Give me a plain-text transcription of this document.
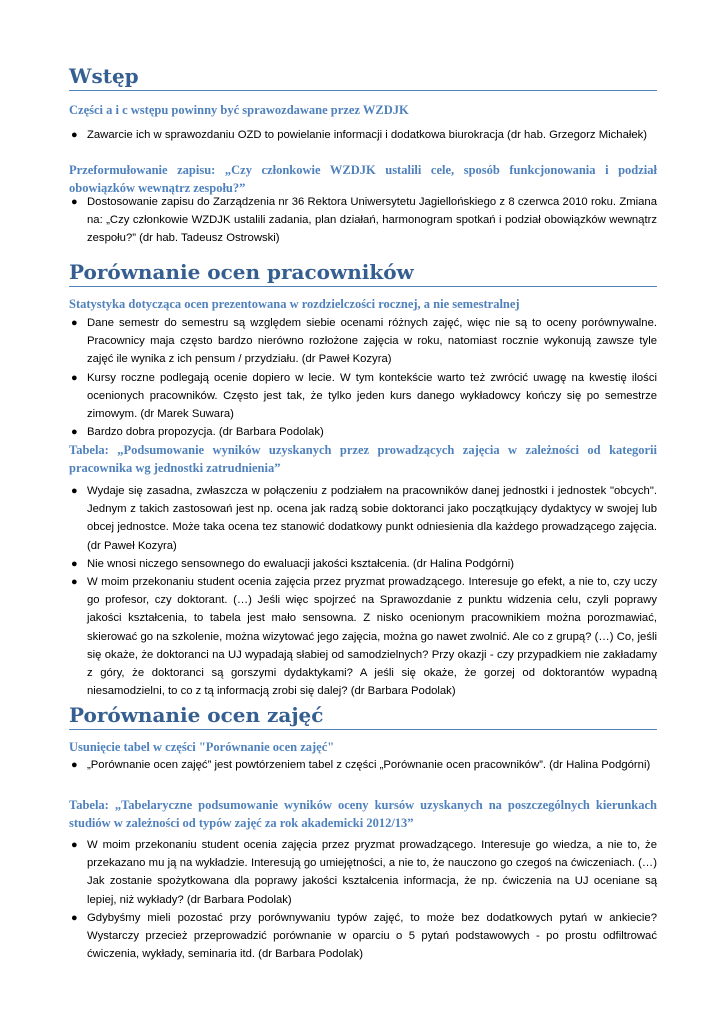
Wstęp
Części a i c wstępu powinny być sprawozdawane przez WZDJK
● Zawarcie ich w sprawozdaniu OZD to powielanie informacji i dodatkowa biurokracja (dr hab. Grzegorz Michałek)
Przeformułowanie zapisu: „Czy członkowie WZDJK ustalili cele, sposób funkcjonowania i podział obowiązków wewnątrz zespołu?”
● Dostosowanie zapisu do Zarządzenia nr 36 Rektora Uniwersytetu Jagiellońskiego z 8 czerwca 2010 roku. Zmiana na: „Czy członkowie WZDJK ustalili zadania, plan działań, harmonogram spotkań i podział obowiązków wewnątrz zespołu?” (dr hab. Tadeusz Ostrowski)
Porównanie ocen pracowników
Statystyka dotycząca ocen prezentowana w rozdzielczości rocznej, a nie semestralnej
● Dane semestr do semestru są względem siebie ocenami różnych zajęć, więc nie są to oceny porównywalne. Pracownicy maja często bardzo nierówno rozłożone zajęcia w roku, natomiast rocznie wykonują zawsze tyle zajęć ile wynika z ich pensum / przydziału. (dr Paweł Kozyra)
● Kursy roczne podlegają ocenie dopiero w lecie. W tym kontekście warto też zwrócić uwagę na kwestię ilości ocenionych pracowników. Często jest tak, że tylko jeden kurs danego wykładowcy kończy się po semestrze zimowym. (dr Marek Suwara)
● Bardzo dobra propozycja. (dr Barbara Podolak)
Tabela: „Podsumowanie wyników uzyskanych przez prowadzących zajęcia w zależności od kategorii pracownika wg jednostki zatrudnienia”
● Wydaje się zasadna, zwłaszcza w połączeniu z podziałem na pracowników danej jednostki i jednostek "obcych". Jednym z takich zastosowań jest np. ocena jak radzą sobie doktoranci jako początkujący dydaktycy w swojej lub obcej jednostce. Może taka ocena tez stanowić dodatkowy punkt odniesienia dla każdego prowadzącego zajęcia. (dr Paweł Kozyra)
● Nie wnosi niczego sensownego do ewaluacji jakości kształcenia. (dr Halina Podgórni)
● W moim przekonaniu student ocenia zajęcia przez pryzmat prowadzącego. Interesuje go efekt, a nie to, czy uczy go profesor, czy doktorant. (…) Jeśli więc spojrzeć na Sprawozdanie z punktu widzenia celu, czyli poprawy jakości kształcenia, to tabela jest mało sensowna. Z nisko ocenionym pracownikiem można porozmawiać, skierować go na szkolenie, można wizytować jego zajęcia, można go nawet zwolnić. Ale co z grupą? (…) Co, jeśli się okaże, że doktoranci na UJ wypadają słabiej od samodzielnych? Przy okazji - czy przypadkiem nie zakładamy z góry, że doktoranci są gorszymi dydaktykami? A jeśli się okaże, że gorzej od doktorantów wypadną niesamodzielni, to co z tą informacją zrobi się dalej? (dr Barbara Podolak)
Porównanie ocen zajęć
Usunięcie tabel w części "Porównanie ocen zajęć"
● „Porównanie ocen zajęć” jest powtórzeniem tabel z części „Porównanie ocen pracowników”. (dr Halina Podgórni)
Tabela: „Tabelaryczne podsumowanie wyników oceny kursów uzyskanych na poszczególnych kierunkach studiów w zależności od typów zajęć za rok akademicki 2012/13”
● W moim przekonaniu student ocenia zajęcia przez pryzmat prowadzącego. Interesuje go wiedza, a nie to, że przekazano mu ją na wykładzie. Interesują go umiejętności, a nie to, że nauczono go czegoś na ćwiczeniach. (…) Jak zostanie spożytkowana dla poprawy jakości kształcenia informacja, że np. ćwiczenia na UJ oceniane są lepiej, niż wykłady? (dr Barbara Podolak)
● Gdybyśmy mieli pozostać przy porównywaniu typów zajęć, to może bez dodatkowych pytań w ankiecie? Wystarczy przecież przeprowadzić porównanie w oparciu o 5 pytań podstawowych - po prostu odfiltrować ćwiczenia, wykłady, seminaria itd. (dr Barbara Podolak)
